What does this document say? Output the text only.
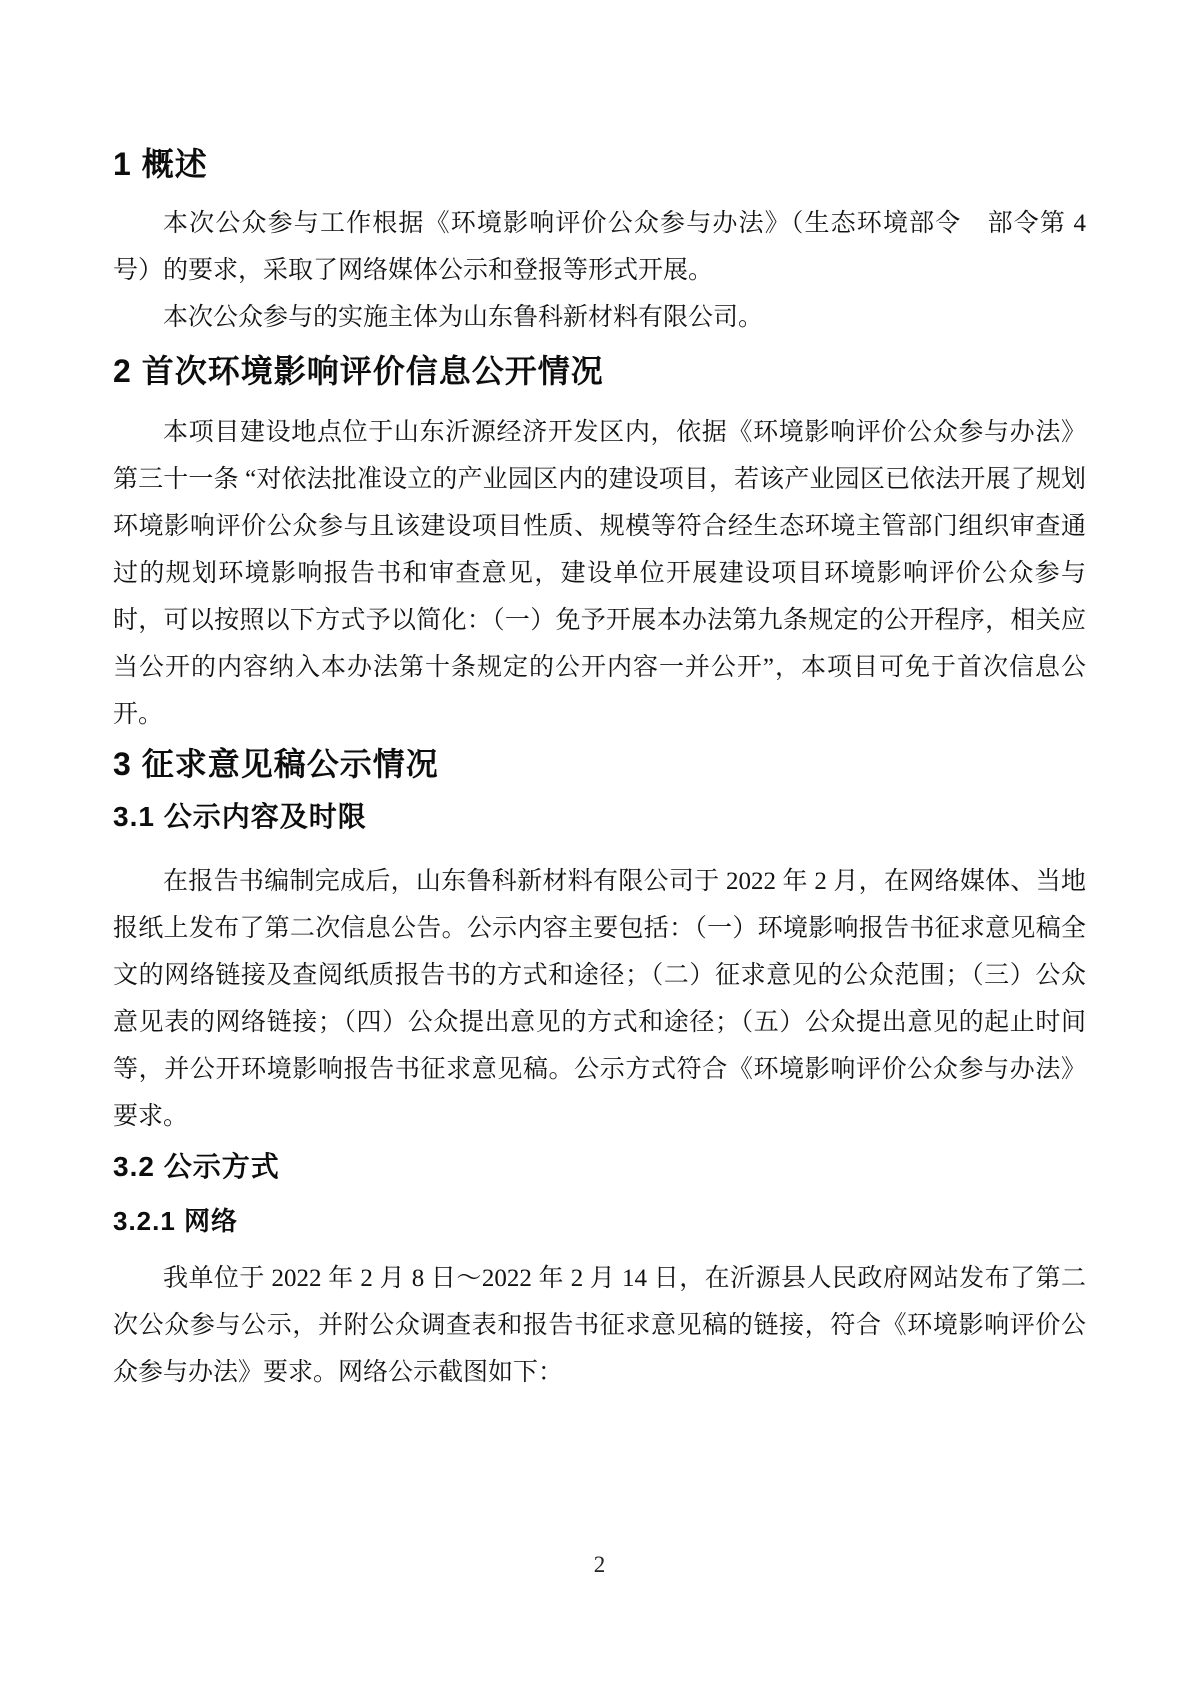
1 概述

本次公众参与工作根据《环境影响评价公众参与办法》（生态环境部令　部令第 4 号）的要求，采取了网络媒体公示和登报等形式开展。

本次公众参与的实施主体为山东鲁科新材料有限公司。

2 首次环境影响评价信息公开情况

本项目建设地点位于山东沂源经济开发区内，依据《环境影响评价公众参与办法》第三十一条 “对依法批准设立的产业园区内的建设项目，若该产业园区已依法开展了规划环境影响评价公众参与且该建设项目性质、规模等符合经生态环境主管部门组织审查通过的规划环境影响报告书和审查意见，建设单位开展建设项目环境影响评价公众参与时，可以按照以下方式予以简化：（一）免予开展本办法第九条规定的公开程序，相关应当公开的内容纳入本办法第十条规定的公开内容一并公开”，本项目可免于首次信息公开。

3 征求意见稿公示情况
3.1 公示内容及时限

在报告书编制完成后，山东鲁科新材料有限公司于 2022 年 2 月，在网络媒体、当地报纸上发布了第二次信息公告。公示内容主要包括：（一）环境影响报告书征求意见稿全文的网络链接及查阅纸质报告书的方式和途径；（二）征求意见的公众范围；（三）公众意见表的网络链接；（四）公众提出意见的方式和途径；（五）公众提出意见的起止时间等，并公开环境影响报告书征求意见稿。公示方式符合《环境影响评价公众参与办法》要求。

3.2 公示方式
3.2.1 网络

我单位于 2022 年 2 月 8 日～2022 年 2 月 14 日，在沂源县人民政府网站发布了第二次公众参与公示，并附公众调查表和报告书征求意见稿的链接，符合《环境影响评价公众参与办法》要求。网络公示截图如下：

2
